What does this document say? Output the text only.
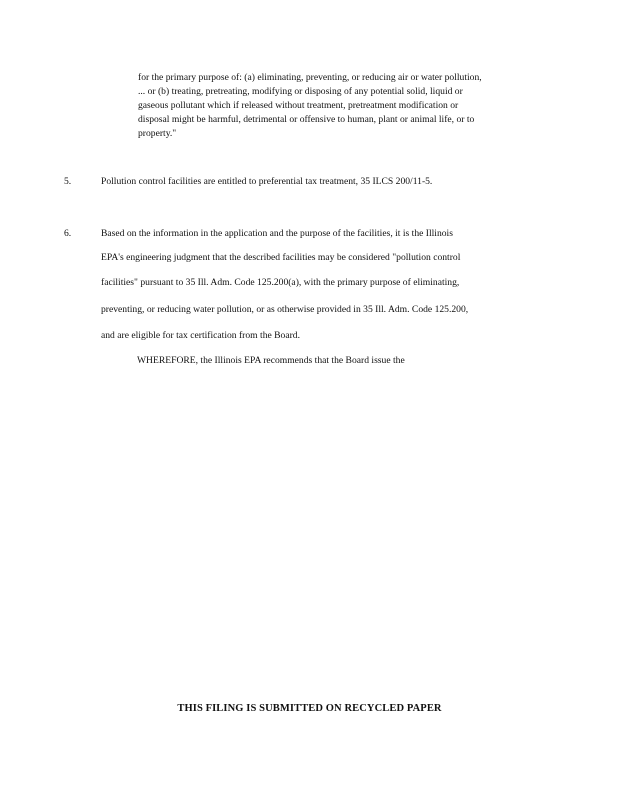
for the primary purpose of: (a) eliminating, preventing, or reducing air or water pollution,
... or (b) treating, pretreating, modifying or disposing of any potential solid, liquid or
gaseous pollutant which if released without treatment, pretreatment modification or
disposal might be harmful, detrimental or offensive to human, plant or animal life, or to
property."
5.	Pollution control facilities are entitled to preferential tax treatment, 35 ILCS 200/11-5.
6.	Based on the information in the application and the purpose of the facilities, it is the Illinois
EPA's engineering judgment that the described facilities may be considered "pollution control
facilities" pursuant to 35 Ill. Adm. Code 125.200(a), with the primary purpose of eliminating,
preventing, or reducing water pollution, or as otherwise provided in 35 Ill. Adm. Code 125.200,
and are eligible for tax certification from the Board.
WHEREFORE, the Illinois EPA recommends that the Board issue the
THIS FILING IS SUBMITTED ON RECYCLED PAPER
